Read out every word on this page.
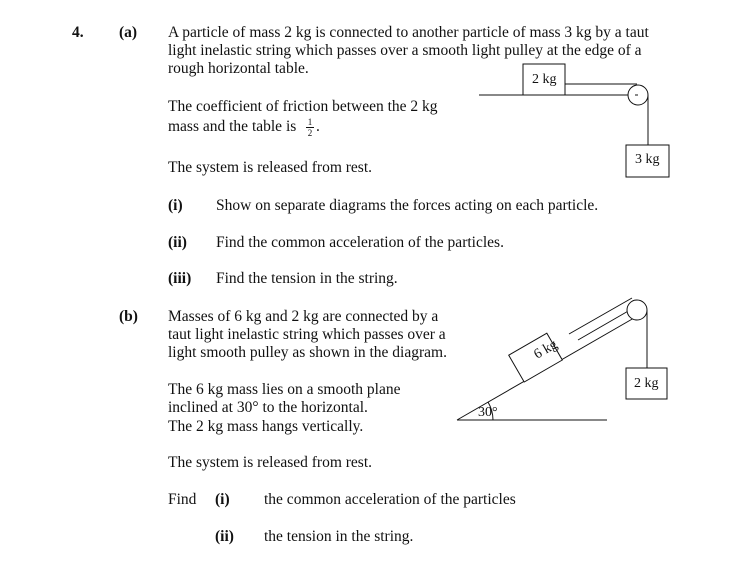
4. (a) A particle of mass 2 kg is connected to another particle of mass 3 kg by a taut
light inelastic string which passes over a smooth light pulley at the edge of a
rough horizontal table.
The coefficient of friction between the 2 kg
mass and the table is 1
2 .
The system is released from rest.
(i) Show on separate diagrams the forces acting on each particle.
(ii) Find the common acceleration of the particles.
(iii) Find the tension in the string.
(b) Masses of 6 kg and 2 kg are connected by a
taut light inelastic string which passes over a
light smooth pulley as shown in the diagram.
The 6 kg mass lies on a smooth plane
inclined at 30° to the horizontal.
The 2 kg mass hangs vertically.
The system is released from rest.
Find (i) the common acceleration of the particles
(ii) the tension in the string.
2 kg
3 kg
6 kg
2 kg
30°
